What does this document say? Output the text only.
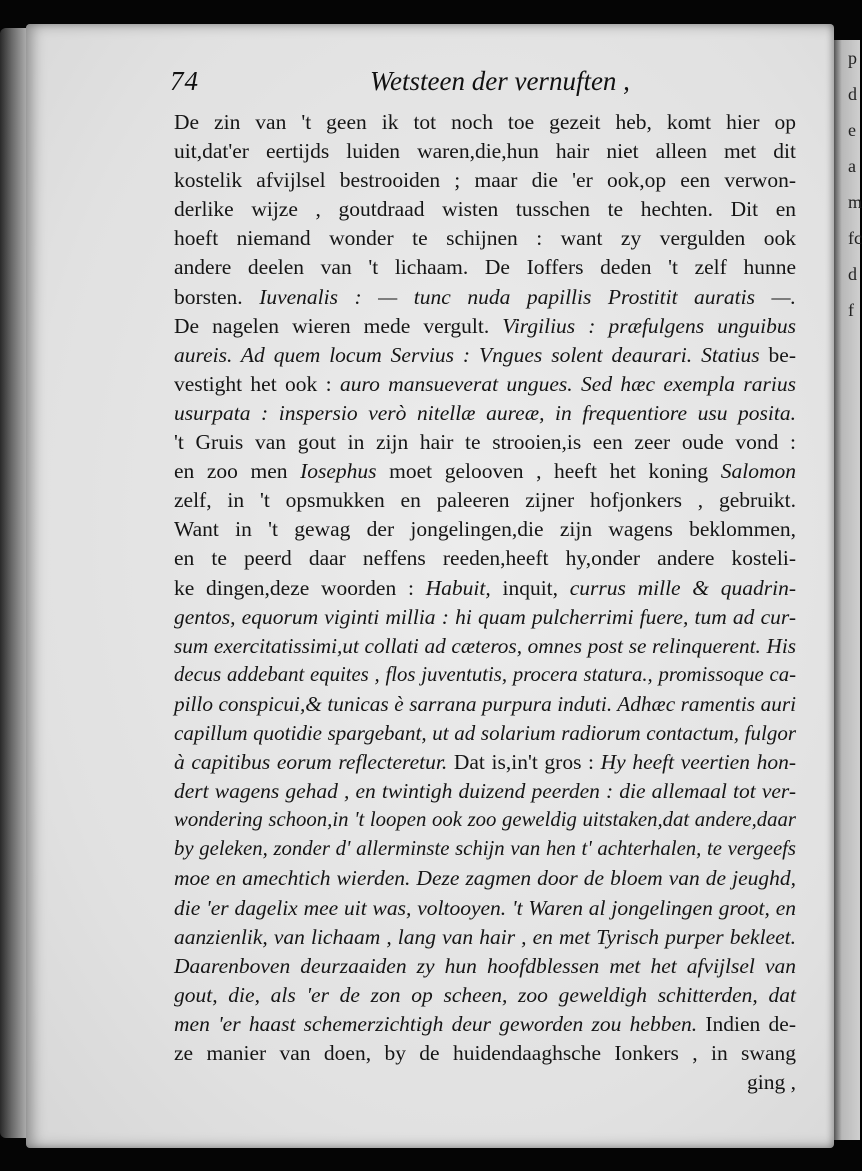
p
d
e
a
m
fc
d
f
74	Wetsteen der vernuften ,
De zin van 't geen ik tot noch toe gezeit heb, komt hier op
uit,dat'er eertijds luiden waren,die,hun hair niet alleen met dit
kostelik afvijlsel bestrooiden ; maar die 'er ook,op een verwon-
derlike wijze , goutdraad wisten tusschen te hechten. Dit en
hoeft niemand wonder te schijnen : want zy vergulden ook
andere deelen van 't lichaam. De Ioffers deden 't zelf hunne
borsten. Iuvenalis : — tunc nuda papillis Prostitit auratis —.
De nagelen wieren mede vergult. Virgilius : præfulgens unguibus
aureis. Ad quem locum Servius : Vngues solent deaurari. Statius be-
vestight het ook : auro mansueverat ungues. Sed hæc exempla rarius
usurpata : inspersio verò nitellæ aureæ, in frequentiore usu posita.
't Gruis van gout in zijn hair te strooien,is een zeer oude vond :
en zoo men Iosephus moet gelooven , heeft het koning Salomon
zelf, in 't opsmukken en paleeren zijner hofjonkers , gebruikt.
Want in 't gewag der jongelingen,die zijn wagens beklommen,
en te peerd daar neffens reeden,heeft hy,onder andere kosteli-
ke dingen,deze woorden : Habuit, inquit, currus mille & quadrin-
gentos, equorum viginti millia : hi quam pulcherrimi fuere, tum ad cur-
sum exercitatissimi,ut collati ad cæteros, omnes post se relinquerent. His
decus addebant equites , flos juventutis, procera statura., promissoque ca-
pillo conspicui,& tunicas è sarrana purpura induti. Adhæc ramentis auri
capillum quotidie spargebant, ut ad solarium radiorum contactum, fulgor
à capitibus eorum reflecteretur. Dat is,in't gros : Hy heeft veertien hon-
dert wagens gehad , en twintigh duizend peerden : die allemaal tot ver-
wondering schoon,in 't loopen ook zoo geweldig uitstaken,dat andere,daar
by geleken, zonder d' allerminste schijn van hen t' achterhalen, te vergeefs
moe en amechtich wierden. Deze zagmen door de bloem van de jeughd,
die 'er dagelix mee uit was, voltooyen. 't Waren al jongelingen groot, en
aanzienlik, van lichaam , lang van hair , en met Tyrisch purper bekleet.
Daarenboven deurzaaiden zy hun hoofdblessen met het afvijlsel van
gout, die, als 'er de zon op scheen, zoo geweldigh schitterden, dat
men 'er haast schemerzichtigh deur geworden zou hebben. Indien de-
ze manier van doen, by de huidendaaghsche Ionkers , in swang
ging ,
